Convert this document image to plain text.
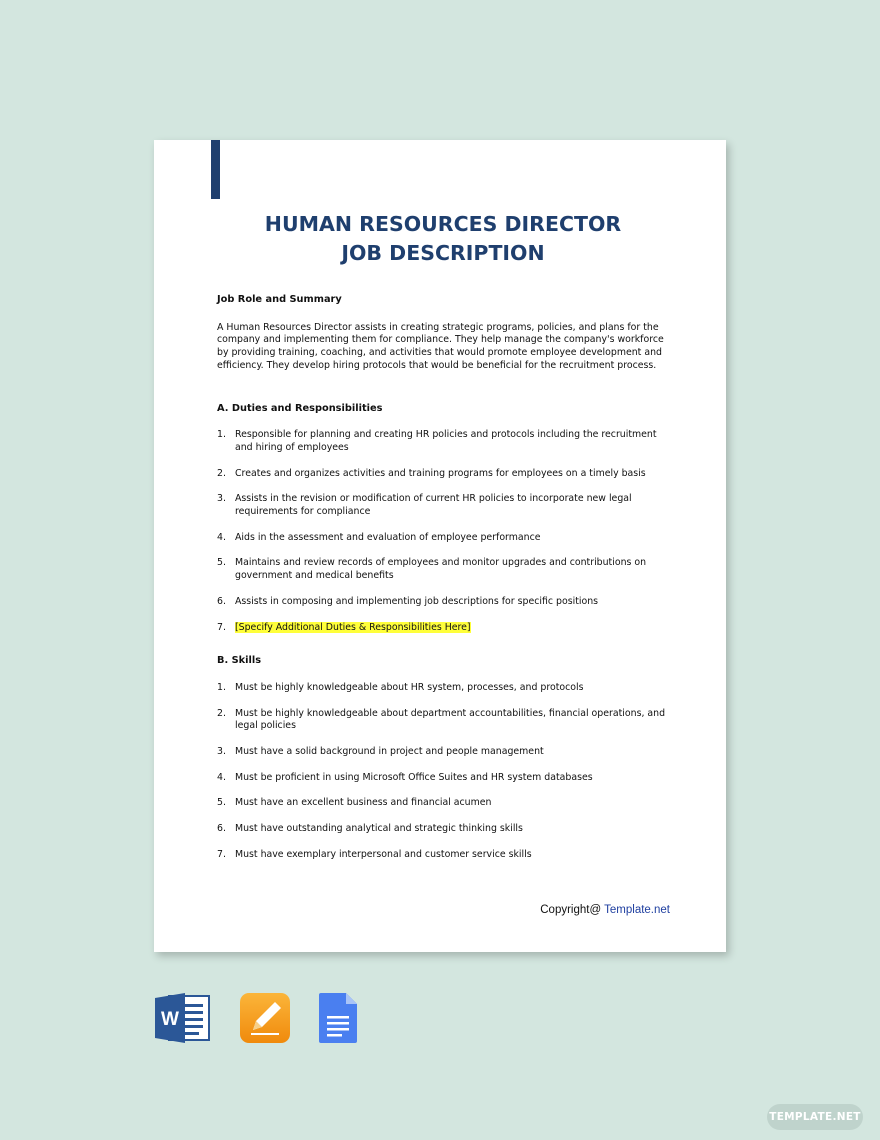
HUMAN RESOURCES DIRECTOR
JOB DESCRIPTION
Job Role and Summary
A Human Resources Director assists in creating strategic programs, policies, and plans for the company and implementing them for compliance. They help manage the company's workforce by providing training, coaching, and activities that would promote employee development and efficiency. They develop hiring protocols that would be beneficial for the recruitment process.
A. Duties and Responsibilities
1. Responsible for planning and creating HR policies and protocols including the recruitment and hiring of employees
2. Creates and organizes activities and training programs for employees on a timely basis
3. Assists in the revision or modification of current HR policies to incorporate new legal requirements for compliance
4. Aids in the assessment and evaluation of employee performance
5. Maintains and review records of employees and monitor upgrades and contributions on government and medical benefits
6. Assists in composing and implementing job descriptions for specific positions
7. [Specify Additional Duties & Responsibilities Here]
B. Skills
1. Must be highly knowledgeable about HR system, processes, and protocols
2. Must be highly knowledgeable about department accountabilities, financial operations, and legal policies
3. Must have a solid background in project and people management
4. Must be proficient in using Microsoft Office Suites and HR system databases
5. Must have an excellent business and financial acumen
6. Must have outstanding analytical and strategic thinking skills
7. Must have exemplary interpersonal and customer service skills
Copyright@ Template.net
W
TEMPLATE.NET
